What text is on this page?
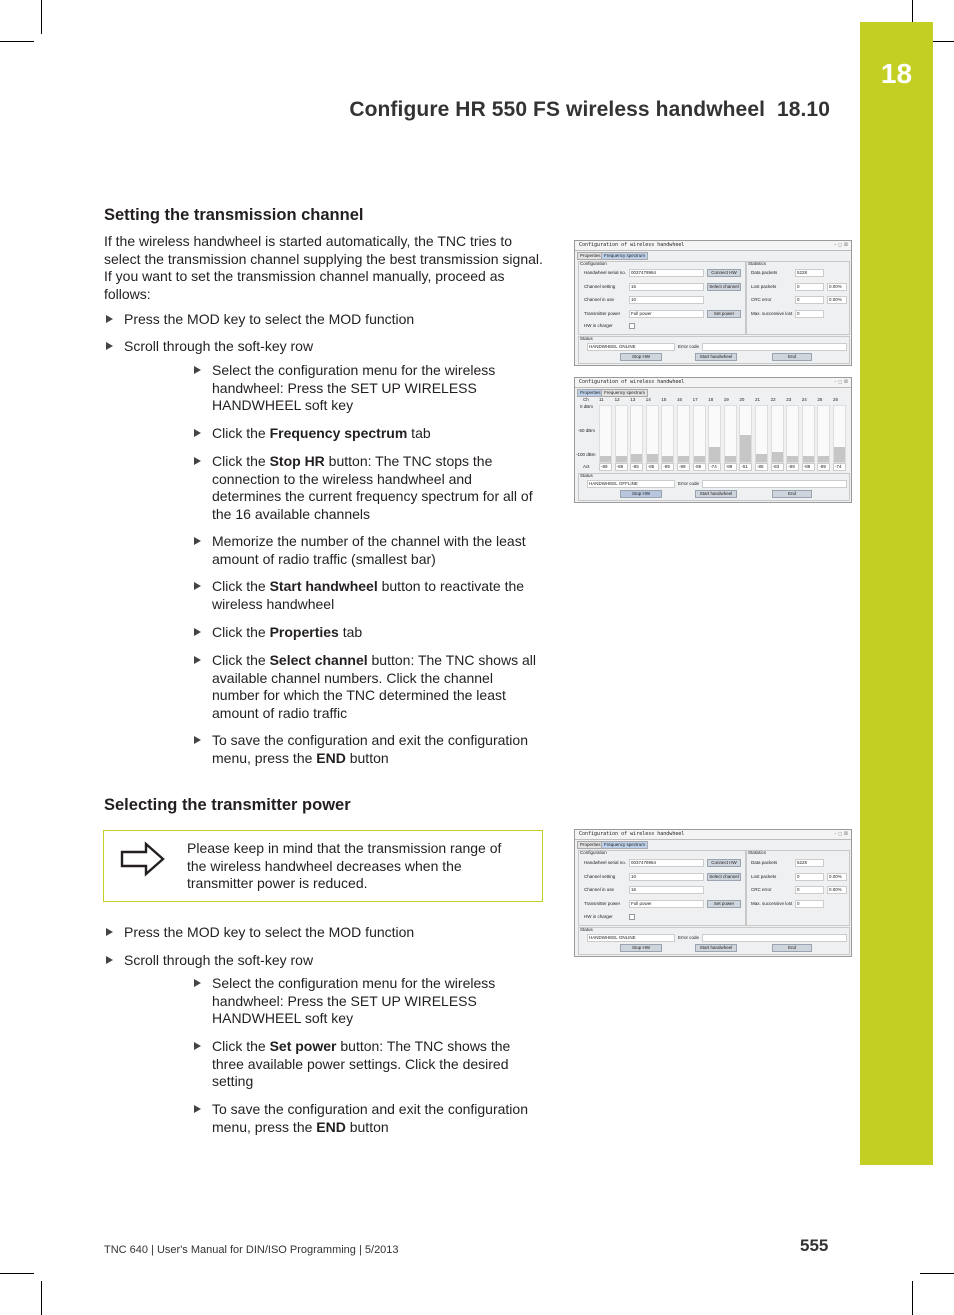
18
Configure HR 550 FS wireless handwheel 18.10
Setting the transmission channel
If the wireless handwheel is started automatically, the TNC tries to select the transmission channel supplying the best transmission signal. If you want to set the transmission channel manually, proceed as follows:
Press the MOD key to select the MOD function
Scroll through the soft-key row
Select the configuration menu for the wireless handwheel: Press the SET UP WIRELESS HANDWHEEL soft key
Click the Frequency spectrum tab
Click the Stop HR button: The TNC stops the connection to the wireless handwheel and determines the current frequency spectrum for all of the 16 available channels
Memorize the number of the channel with the least amount of radio traffic (smallest bar)
Click the Start handwheel button to reactivate the wireless handwheel
Click the Properties tab
Click the Select channel button: The TNC shows all available channel numbers. Click the channel number for which the TNC determined the least amount of radio traffic
To save the configuration and exit the configuration menu, press the END button
Selecting the transmitter power
Please keep in mind that the transmission range of the wireless handwheel decreases when the transmitter power is reduced.
Press the MOD key to select the MOD function
Scroll through the soft-key row
Select the configuration menu for the wireless handwheel: Press the SET UP WIRELESS HANDWHEEL soft key
Click the Set power button: The TNC shows the three available power settings. Click the desired setting
To save the configuration and exit the configuration menu, press the END button
Configuration of wireless handwheel	– ◻ ⊠
Properties Frequency spectrum
Configuration	Statistics
Handwheel serial no.	0037478964	Connect HW
Channel setting	16	Select channel
Channel in use	10
Transmitter power	Full power	Set power
HW in charger
Data packets	5228
Lost packets	0	0.00%
CRC error	0	0.00%
Max. successive lost	0
Status
HANDWHEEL ONLINE	Error code
Stop HW	Start handwheel	End
Configuration of wireless handwheel	– ◻ ⊠
Properties Frequency spectrum
Ch
0 dBm
-50 dBm
-100 dBm
Act
11
-89
12
-89
13
-85
14
-85
15
-89
16
-89
17
-89
18
-74
19
-89
20
-51
21
-85
22
-83
23
-89
24
-89
25
-89
26
-74
Status
HANDWHEEL OFFLINE	Error code
Stop HW	Start handwheel	End
Configuration of wireless handwheel	– ◻ ⊠
Properties Frequency spectrum
Configuration	Statistics
Handwheel serial no.	0037478964	Connect HW
Channel setting	10	Select channel
Channel in use	16
Transmitter power	Full power	Set power
HW in charger
Data packets	5228
Lost packets	0	0.00%
CRC error	0	0.00%
Max. successive lost	0
Status
HANDWHEEL ONLINE	Error code
Stop HW	Start handwheel	End
TNC 640 | User's Manual for DIN/ISO Programming | 5/2013	555
